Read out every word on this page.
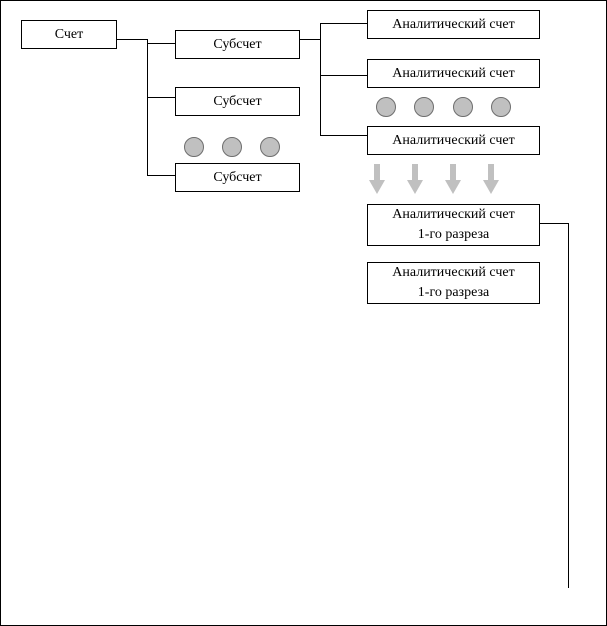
Счет
Субсчет
Субсчет
Субсчет
Аналитический счет
Аналитический счет
Аналитический счет
Аналитический счет
1-го разреза
Аналитический счет
1-го разреза
